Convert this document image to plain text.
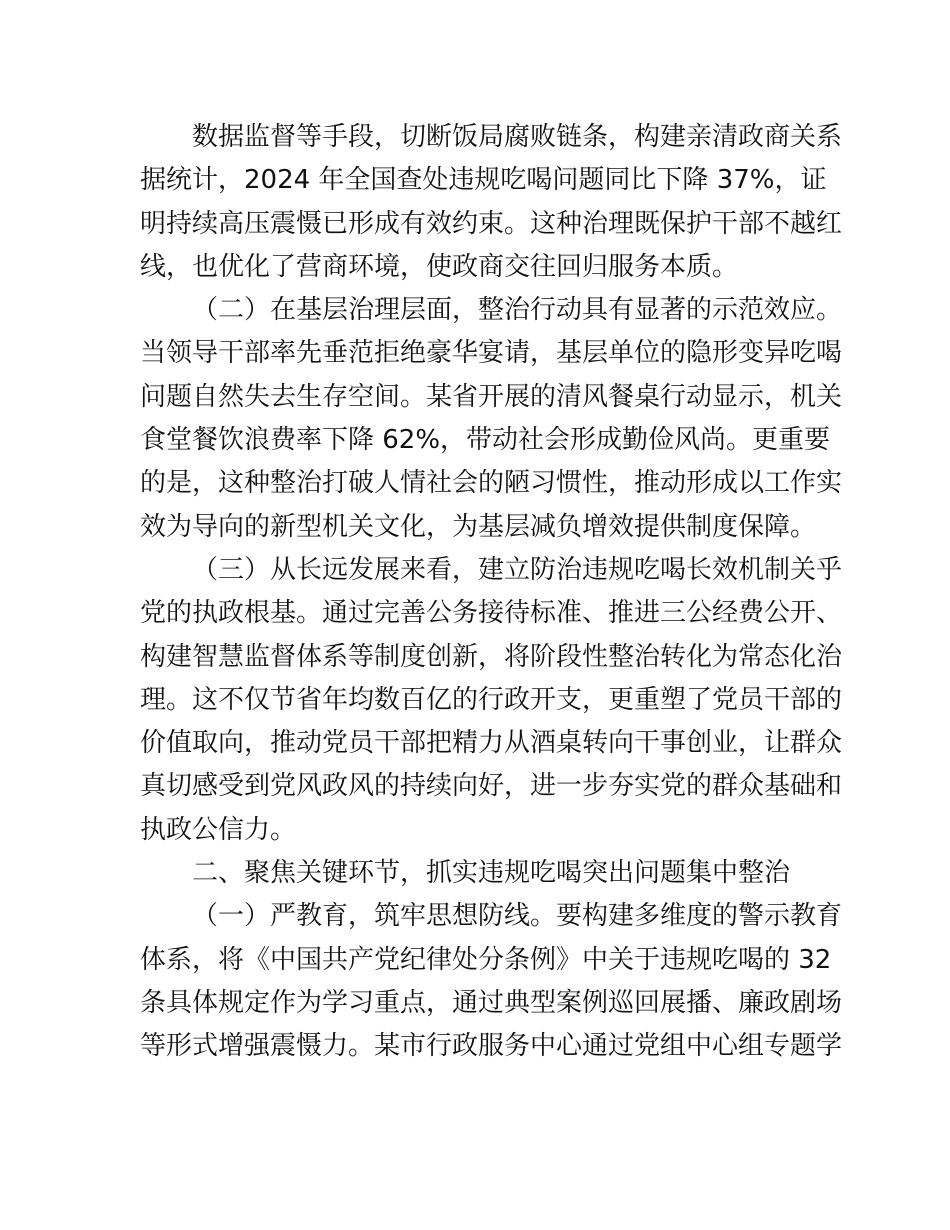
数据监督等手段，切断饭局腐败链条，构建亲清政商关系
据统计，2024 年全国查处违规吃喝问题同比下降 37%，证
明持续高压震慑已形成有效约束。这种治理既保护干部不越红
线，也优化了营商环境，使政商交往回归服务本质。
（二）在基层治理层面，整治行动具有显著的示范效应。
当领导干部率先垂范拒绝豪华宴请，基层单位的隐形变异吃喝
问题自然失去生存空间。某省开展的清风餐桌行动显示，机关
食堂餐饮浪费率下降 62%，带动社会形成勤俭风尚。更重要
的是，这种整治打破人情社会的陋习惯性，推动形成以工作实
效为导向的新型机关文化，为基层减负增效提供制度保障。
（三）从长远发展来看，建立防治违规吃喝长效机制关乎
党的执政根基。通过完善公务接待标准、推进三公经费公开、
构建智慧监督体系等制度创新，将阶段性整治转化为常态化治
理。这不仅节省年均数百亿的行政开支，更重塑了党员干部的
价值取向，推动党员干部把精力从酒桌转向干事创业，让群众
真切感受到党风政风的持续向好，进一步夯实党的群众基础和
执政公信力。
二、聚焦关键环节，抓实违规吃喝突出问题集中整治
（一）严教育，筑牢思想防线。要构建多维度的警示教育
体系，将《中国共产党纪律处分条例》中关于违规吃喝的 32
条具体规定作为学习重点，通过典型案例巡回展播、廉政剧场
等形式增强震慑力。某市行政服务中心通过党组中心组专题学
